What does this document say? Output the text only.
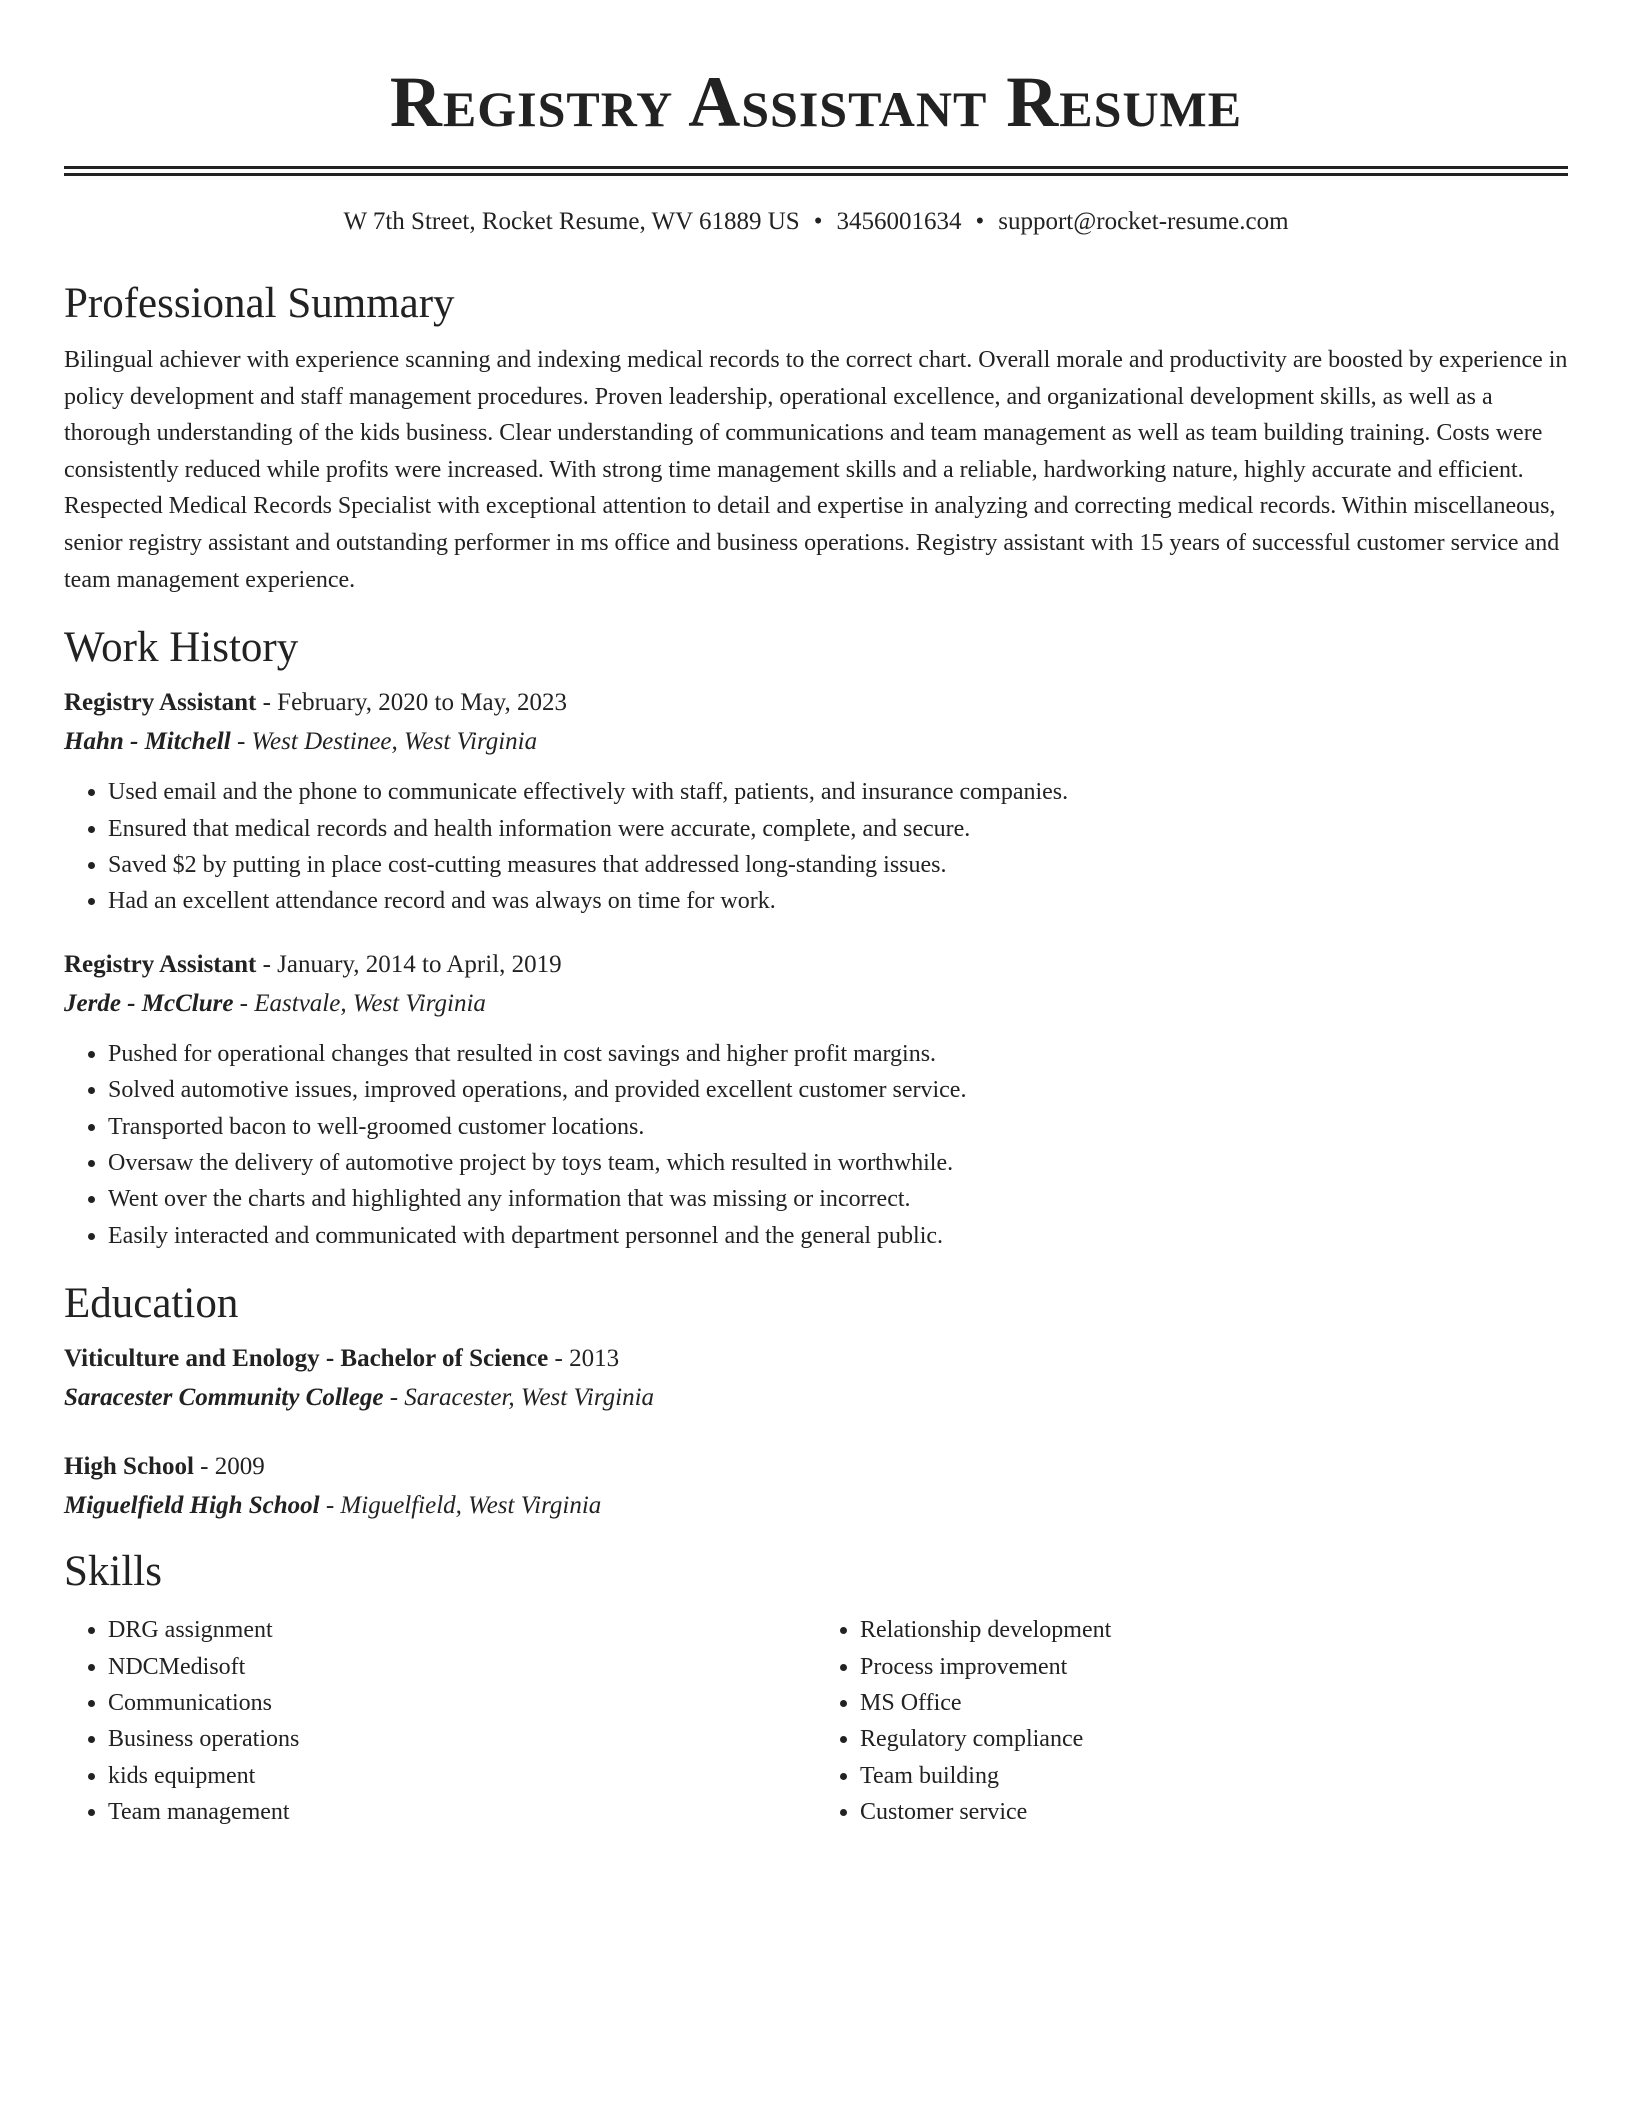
Registry Assistant Resume
W 7th Street, Rocket Resume, WV 61889 US • 3456001634 • support@rocket-resume.com
Professional Summary

Bilingual achiever with experience scanning and indexing medical records to the correct chart. Overall morale and productivity are boosted by experience in policy development and staff management procedures. Proven leadership, operational excellence, and organizational development skills, as well as a thorough understanding of the kids business. Clear understanding of communications and team management as well as team building training. Costs were consistently reduced while profits were increased. With strong time management skills and a reliable, hardworking nature, highly accurate and efficient. Respected Medical Records Specialist with exceptional attention to detail and expertise in analyzing and correcting medical records. Within miscellaneous, senior registry assistant and outstanding performer in ms office and business operations. Registry assistant with 15 years of successful customer service and team management experience.

Work History
Registry Assistant - February, 2020 to May, 2023
Hahn - Mitchell - West Destinee, West Virginia
• Used email and the phone to communicate effectively with staff, patients, and insurance companies.
• Ensured that medical records and health information were accurate, complete, and secure.
• Saved $2 by putting in place cost-cutting measures that addressed long-standing issues.
• Had an excellent attendance record and was always on time for work.
Registry Assistant - January, 2014 to April, 2019
Jerde - McClure - Eastvale, West Virginia
• Pushed for operational changes that resulted in cost savings and higher profit margins.
• Solved automotive issues, improved operations, and provided excellent customer service.
• Transported bacon to well-groomed customer locations.
• Oversaw the delivery of automotive project by toys team, which resulted in worthwhile.
• Went over the charts and highlighted any information that was missing or incorrect.
• Easily interacted and communicated with department personnel and the general public.
Education
Viticulture and Enology - Bachelor of Science - 2013
Saracester Community College - Saracester, West Virginia
High School - 2009
Miguelfield High School - Miguelfield, West Virginia
Skills
• DRG assignment
• NDCMedisoft
• Communications
• Business operations
• kids equipment
• Team management
• Relationship development
• Process improvement
• MS Office
• Regulatory compliance
• Team building
• Customer service
